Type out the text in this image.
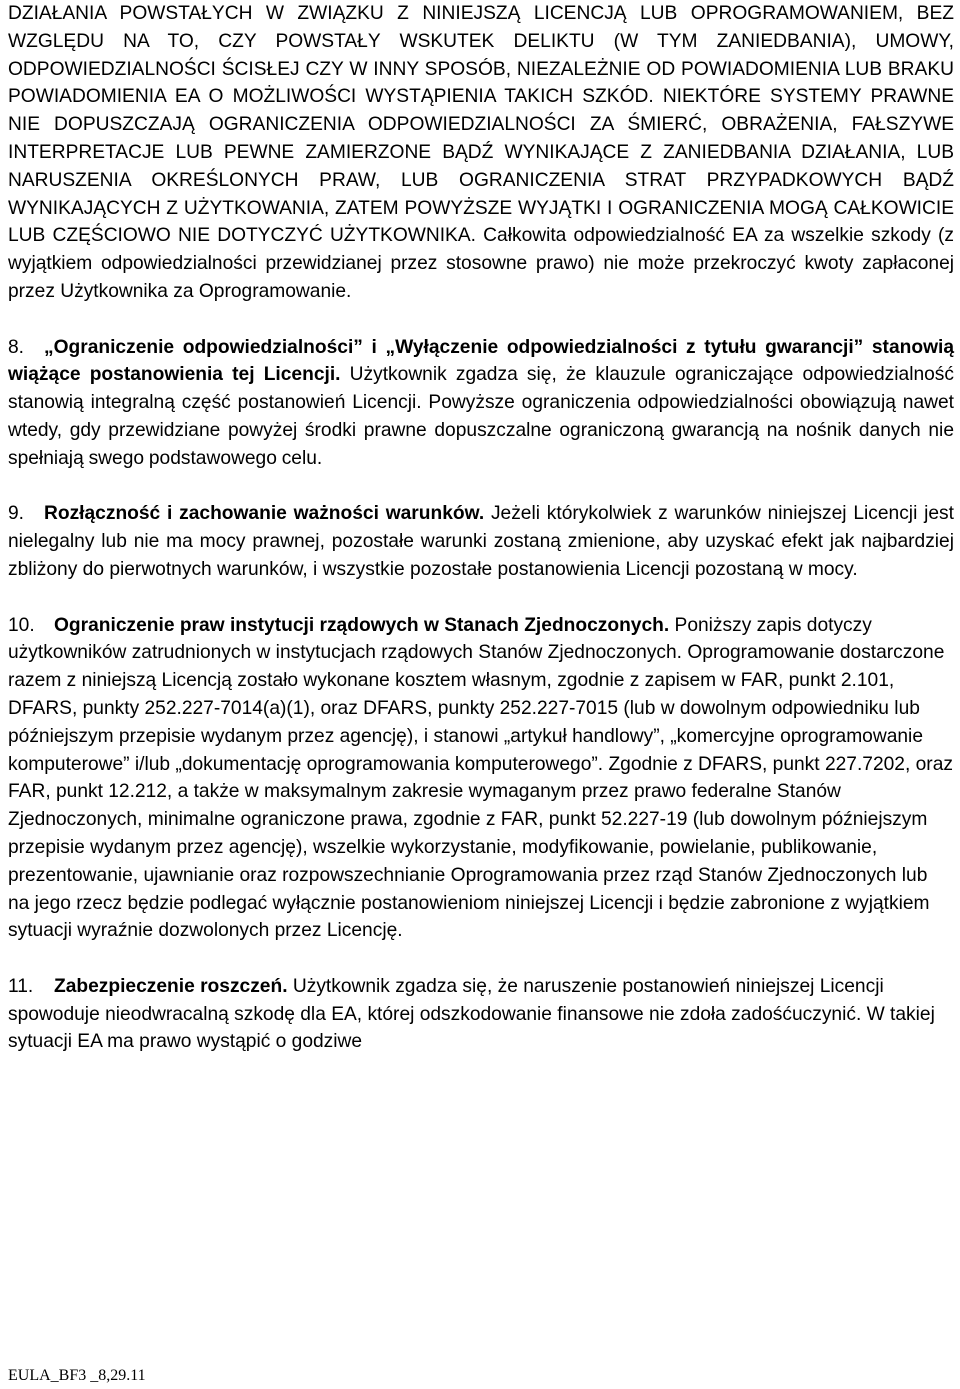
DZIAŁANIA POWSTAŁYCH W ZWIĄZKU Z NINIEJSZĄ LICENCJĄ LUB OPROGRAMOWANIEM, BEZ WZGLĘDU NA TO, CZY POWSTAŁY WSKUTEK DELIKTU (W TYM ZANIEDBANIA), UMOWY, ODPOWIEDZIALNOŚCI ŚCISŁEJ CZY W INNY SPOSÓB, NIEZALEŻNIE OD POWIADOMIENIA LUB BRAKU POWIADOMIENIA EA O MOŻLIWOŚCI WYSTĄPIENIA TAKICH SZKÓD. NIEKTÓRE SYSTEMY PRAWNE NIE DOPUSZCZAJĄ OGRANICZENIA ODPOWIEDZIALNOŚCI ZA ŚMIERĆ, OBRAŻENIA, FAŁSZYWE INTERPRETACJE LUB PEWNE ZAMIERZONE BĄDŹ WYNIKAJĄCE Z ZANIEDBANIA DZIAŁANIA, LUB NARUSZENIA OKREŚLONYCH PRAW, LUB OGRANICZENIA STRAT PRZYPADKOWYCH BĄDŹ WYNIKAJĄCYCH Z UŻYTKOWANIA, ZATEM POWYŻSZE WYJĄTKI I OGRANICZENIA MOGĄ CAŁKOWICIE LUB CZĘŚCIOWO NIE DOTYCZYĆ UŻYTKOWNIKA. Całkowita odpowiedzialność EA za wszelkie szkody (z wyjątkiem odpowiedzialności przewidzianej przez stosowne prawo) nie może przekroczyć kwoty zapłaconej przez Użytkownika za Oprogramowanie.

8. „Ograniczenie odpowiedzialności” i „Wyłączenie odpowiedzialności z tytułu gwarancji” stanowią wiążące postanowienia tej Licencji. Użytkownik zgadza się, że klauzule ograniczające odpowiedzialność stanowią integralną część postanowień Licencji. Powyższe ograniczenia odpowiedzialności obowiązują nawet wtedy, gdy przewidziane powyżej środki prawne dopuszczalne ograniczoną gwarancją na nośnik danych nie spełniają swego podstawowego celu.

9. Rozłączność i zachowanie ważności warunków. Jeżeli którykolwiek z warunków niniejszej Licencji jest nielegalny lub nie ma mocy prawnej, pozostałe warunki zostaną zmienione, aby uzyskać efekt jak najbardziej zbliżony do pierwotnych warunków, i wszystkie pozostałe postanowienia Licencji pozostaną w mocy.

10. Ograniczenie praw instytucji rządowych w Stanach Zjednoczonych. Poniższy zapis dotyczy użytkowników zatrudnionych w instytucjach rządowych Stanów Zjednoczonych. Oprogramowanie dostarczone razem z niniejszą Licencją zostało wykonane kosztem własnym, zgodnie z zapisem w FAR, punkt 2.101, DFARS, punkty 252.227-7014(a)(1), oraz DFARS, punkty 252.227-7015 (lub w dowolnym odpowiedniku lub późniejszym przepisie wydanym przez agencję), i stanowi „artykuł handlowy”, „komercyjne oprogramowanie komputerowe” i/lub „dokumentację oprogramowania komputerowego”. Zgodnie z DFARS, punkt 227.7202, oraz FAR, punkt 12.212, a także w maksymalnym zakresie wymaganym przez prawo federalne Stanów Zjednoczonych, minimalne ograniczone prawa, zgodnie z FAR, punkt 52.227-19 (lub dowolnym późniejszym przepisie wydanym przez agencję), wszelkie wykorzystanie, modyfikowanie, powielanie, publikowanie, prezentowanie, ujawnianie oraz rozpowszechnianie Oprogramowania przez rząd Stanów Zjednoczonych lub na jego rzecz będzie podlegać wyłącznie postanowieniom niniejszej Licencji i będzie zabronione z wyjątkiem sytuacji wyraźnie dozwolonych przez Licencję.

11. Zabezpieczenie roszczeń. Użytkownik zgadza się, że naruszenie postanowień niniejszej Licencji spowoduje nieodwracalną szkodę dla EA, której odszkodowanie finansowe nie zdoła zadośćuczynić. W takiej sytuacji EA ma prawo wystąpić o godziwe

EULA_BF3 _8,29.11
